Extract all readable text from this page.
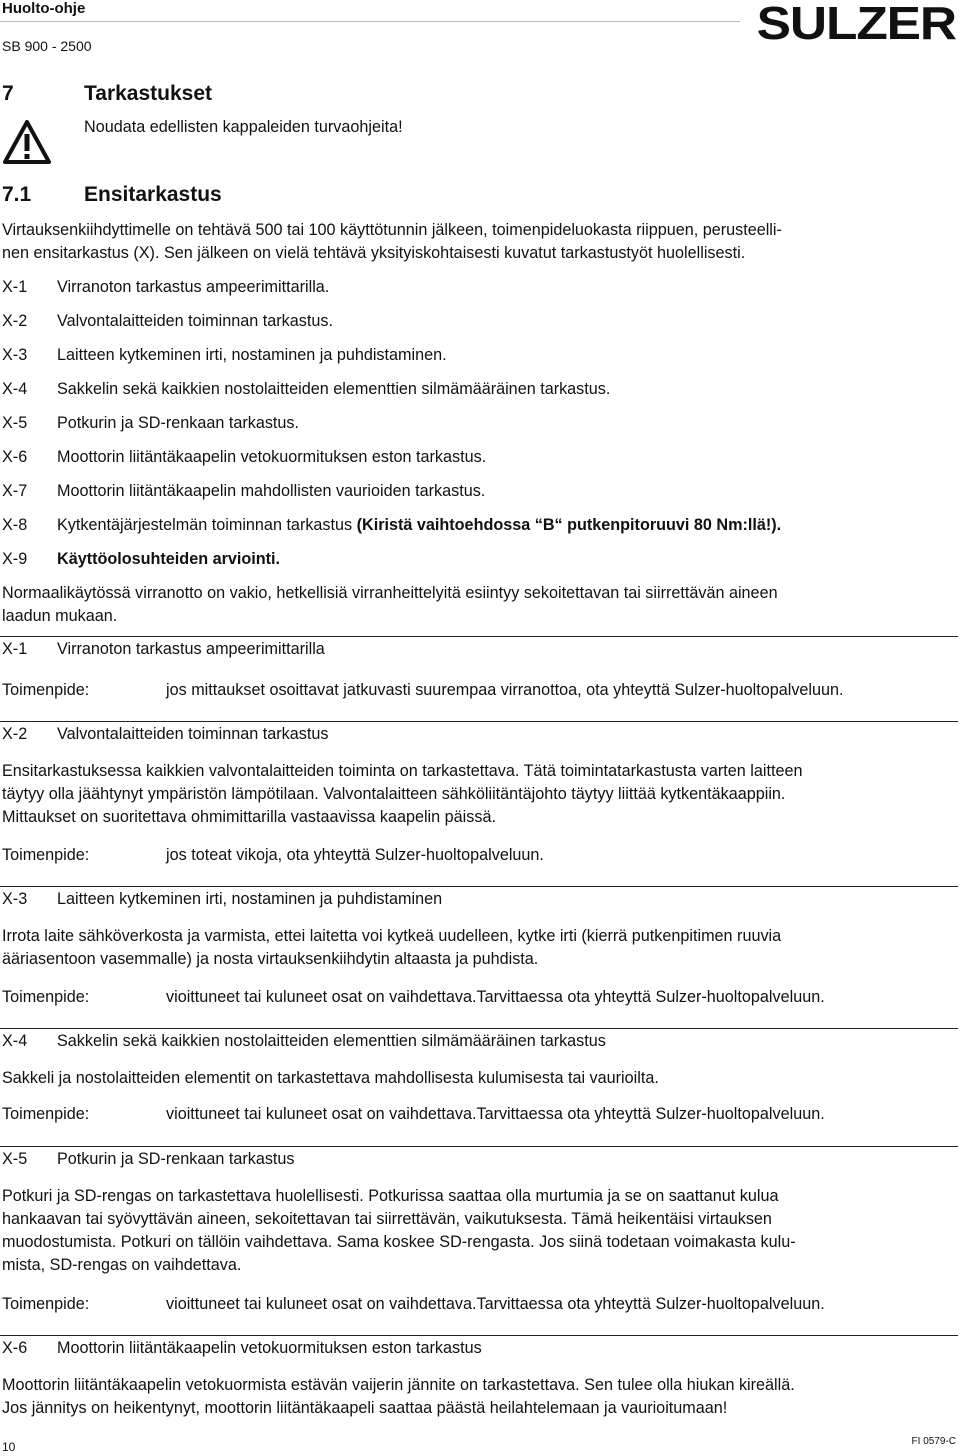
Huolto-ohje
SB 900 - 2500	SULZER
7	Tarkastukset
Noudata edellisten kappaleiden turvaohjeita!
7.1	Ensitarkastus
Virtauksenkiihdyttimelle on tehtävä 500 tai 100 käyttötunnin jälkeen, toimenpideluokasta riippuen, perusteelli-
nen ensitarkastus (X). Sen jälkeen on vielä tehtävä yksityiskohtaisesti kuvatut tarkastustyöt huolellisesti.
X-1 Virranoton tarkastus ampeerimittarilla.
X-2 Valvontalaitteiden toiminnan tarkastus.
X-3 Laitteen kytkeminen irti, nostaminen ja puhdistaminen.
X-4 Sakkelin sekä kaikkien nostolaitteiden elementtien silmämääräinen tarkastus.
X-5 Potkurin ja SD-renkaan tarkastus.
X-6 Moottorin liitäntäkaapelin vetokuormituksen eston tarkastus.
X-7 Moottorin liitäntäkaapelin mahdollisten vaurioiden tarkastus.
X-8 Kytkentäjärjestelmän toiminnan tarkastus (Kiristä vaihtoehdossa “B“ putkenpitoruuvi 80 Nm:llä!).
X-9 Käyttöolosuhteiden arviointi.
Normaalikäytössä virranotto on vakio, hetkellisiä virranheittelyitä esiintyy sekoitettavan tai siirrettävän aineen
laadun mukaan.
X-1 Virranoton tarkastus ampeerimittarilla
Toimenpide:	jos mittaukset osoittavat jatkuvasti suurempaa virranottoa, ota yhteyttä Sulzer-huoltopalveluun.
X-2 Valvontalaitteiden toiminnan tarkastus
Ensitarkastuksessa kaikkien valvontalaitteiden toiminta on tarkastettava. Tätä toimintatarkastusta varten laitteen
täytyy olla jäähtynyt ympäristön lämpötilaan. Valvontalaitteen sähköliitäntäjohto täytyy liittää kytkentäkaappiin.
Mittaukset on suoritettava ohmimittarilla vastaavissa kaapelin päissä.
Toimenpide:	jos toteat vikoja, ota yhteyttä Sulzer-huoltopalveluun.
X-3 Laitteen kytkeminen irti, nostaminen ja puhdistaminen
Irrota laite sähköverkosta ja varmista, ettei laitetta voi kytkeä uudelleen, kytke irti (kierrä putkenpitimen ruuvia
ääriasentoon vasemmalle) ja nosta virtauksenkiihdytin altaasta ja puhdista.
Toimenpide:	vioittuneet tai kuluneet osat on vaihdettava.Tarvittaessa ota yhteyttä Sulzer-huoltopalveluun.
X-4 Sakkelin sekä kaikkien nostolaitteiden elementtien silmämääräinen tarkastus
Sakkeli ja nostolaitteiden elementit on tarkastettava mahdollisesta kulumisesta tai vaurioilta.
Toimenpide:	vioittuneet tai kuluneet osat on vaihdettava.Tarvittaessa ota yhteyttä Sulzer-huoltopalveluun.
X-5 Potkurin ja SD-renkaan tarkastus
Potkuri ja SD-rengas on tarkastettava huolellisesti. Potkurissa saattaa olla murtumia ja se on saattanut kulua
hankaavan tai syövyttävän aineen, sekoitettavan tai siirrettävän, vaikutuksesta. Tämä heikentäisi virtauksen
muodostumista. Potkuri on tällöin vaihdettava. Sama koskee SD-rengasta. Jos siinä todetaan voimakasta kulu-
mista, SD-rengas on vaihdettava.
Toimenpide:	vioittuneet tai kuluneet osat on vaihdettava.Tarvittaessa ota yhteyttä Sulzer-huoltopalveluun.
X-6 Moottorin liitäntäkaapelin vetokuormituksen eston tarkastus
Moottorin liitäntäkaapelin vetokuormista estävän vaijerin jännite on tarkastettava. Sen tulee olla hiukan kireällä.
Jos jännitys on heikentynyt, moottorin liitäntäkaapeli saattaa päästä heilahtelemaan ja vaurioitumaan!
10	FI 0579-C
